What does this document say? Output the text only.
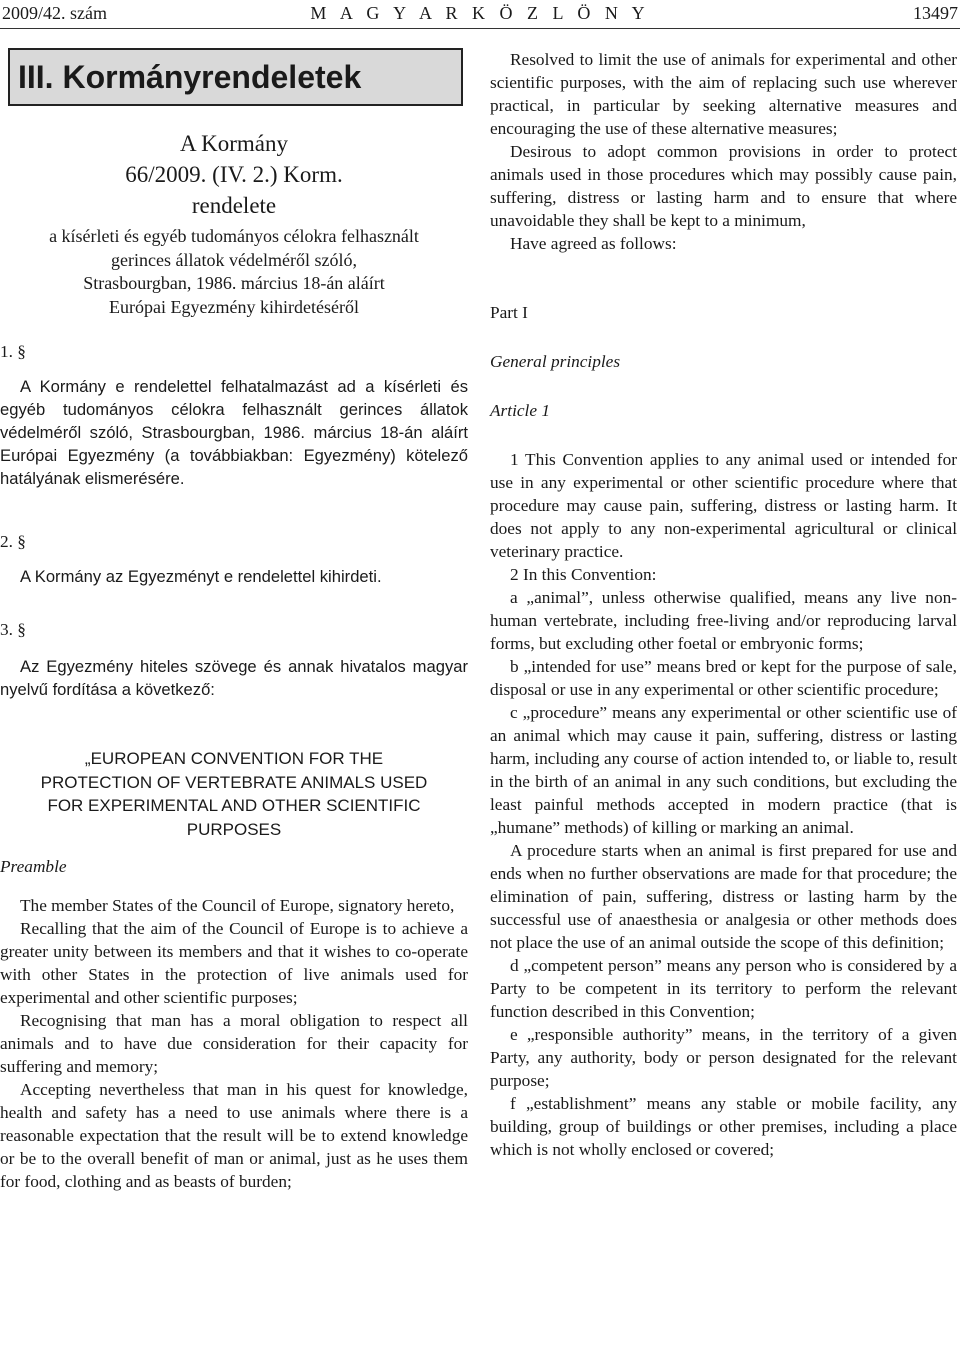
2009/42. szám	M A G Y A R K Ö Z L Ö N Y	13497
III. Kormányrendeletek
A Kormány
66/2009. (IV. 2.) Korm.
rendelete
a kísérleti és egyéb tudományos célokra felhasznált
gerinces állatok védelméről szóló,
Strasbourgban, 1986. március 18-án aláírt
Európai Egyezmény kihirdetéséről
1. §
A Kormány e rendelettel felhatalmazást ad a kísérleti és egyéb tudományos célokra felhasznált gerinces állatok védelméről szóló, Strasbourgban, 1986. március 18-án aláírt Európai Egyezmény (a továbbiakban: Egyezmény) kötelező hatályának elismerésére.
2. §
A Kormány az Egyezményt e rendelettel kihirdeti.
3. §
Az Egyezmény hiteles szövege és annak hivatalos magyar nyelvű fordítása a következő:
„EUROPEAN CONVENTION FOR THE
PROTECTION OF VERTEBRATE ANIMALS USED
FOR EXPERIMENTAL AND OTHER SCIENTIFIC
PURPOSES
Preamble
The member States of the Council of Europe, signatory hereto,
Recalling that the aim of the Council of Europe is to achieve a greater unity between its members and that it wishes to co-operate with other States in the protection of live animals used for experimental and other scientific purposes;
Recognising that man has a moral obligation to respect all animals and to have due consideration for their capacity for suffering and memory;
Accepting nevertheless that man in his quest for knowledge, health and safety has a need to use animals where there is a reasonable expectation that the result will be to extend knowledge or be to the overall benefit of man or animal, just as he uses them for food, clothing and as beasts of burden;
Resolved to limit the use of animals for experimental and other scientific purposes, with the aim of replacing such use wherever practical, in particular by seeking alternative measures and encouraging the use of these alternative measures;
Desirous to adopt common provisions in order to protect animals used in those procedures which may possibly cause pain, suffering, distress or lasting harm and to ensure that where unavoidable they shall be kept to a minimum,
Have agreed as follows:
Part I
General principles
Article 1
1 This Convention applies to any animal used or intended for use in any experimental or other scientific procedure where that procedure may cause pain, suffering, distress or lasting harm. It does not apply to any non-experimental agricultural or clinical veterinary practice.
2 In this Convention:
a „animal”, unless otherwise qualified, means any live non-human vertebrate, including free-living and/or reproducing larval forms, but excluding other foetal or embryonic forms;
b „intended for use” means bred or kept for the purpose of sale, disposal or use in any experimental or other scientific procedure;
c „procedure” means any experimental or other scientific use of an animal which may cause it pain, suffering, distress or lasting harm, including any course of action intended to, or liable to, result in the birth of an animal in any such conditions, but excluding the least painful methods accepted in modern practice (that is „humane” methods) of killing or marking an animal.
A procedure starts when an animal is first prepared for use and ends when no further observations are made for that procedure; the elimination of pain, suffering, distress or lasting harm by the successful use of anaesthesia or analgesia or other methods does not place the use of an animal outside the scope of this definition;
d „competent person” means any person who is considered by a Party to be competent in its territory to perform the relevant function described in this Convention;
e „responsible authority” means, in the territory of a given Party, any authority, body or person designated for the relevant purpose;
f „establishment” means any stable or mobile facility, any building, group of buildings or other premises, including a place which is not wholly enclosed or covered;
